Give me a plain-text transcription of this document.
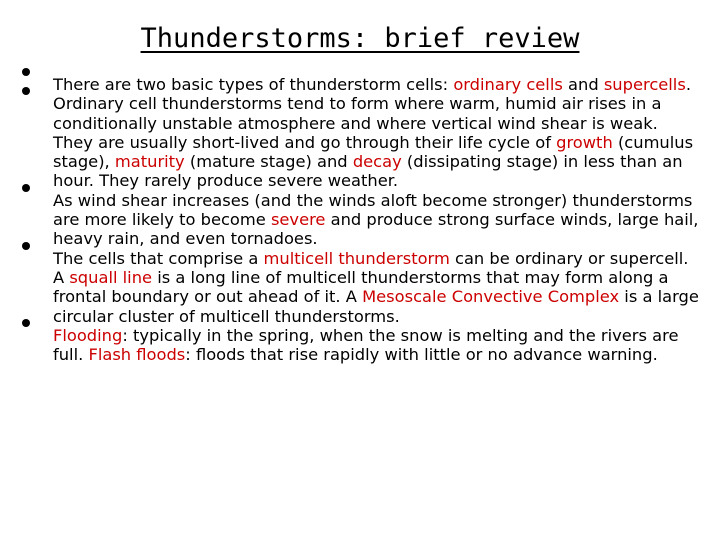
Thunderstorms: brief review
There are two basic types of thunderstorm cells: ordinary cells and supercells.
Ordinary cell thunderstorms tend to form where warm, humid air rises in a conditionally unstable atmosphere and where vertical wind shear is weak. They are usually short-lived and go through their life cycle of growth (cumulus stage), maturity (mature stage) and decay (dissipating stage) in less than an hour. They rarely produce severe weather.
As wind shear increases (and the winds aloft become stronger) thunderstorms are more likely to become severe and produce strong surface winds, large hail, heavy rain, and even tornadoes.
The cells that comprise a multicell thunderstorm can be ordinary or supercell. A squall line is a long line of multicell thunderstorms that may form along a frontal boundary or out ahead of it. A Mesoscale Convective Complex is a large circular cluster of multicell thunderstorms.
Flooding: typically in the spring, when the snow is melting and the rivers are full. Flash floods: floods that rise rapidly with little or no advance warning.
